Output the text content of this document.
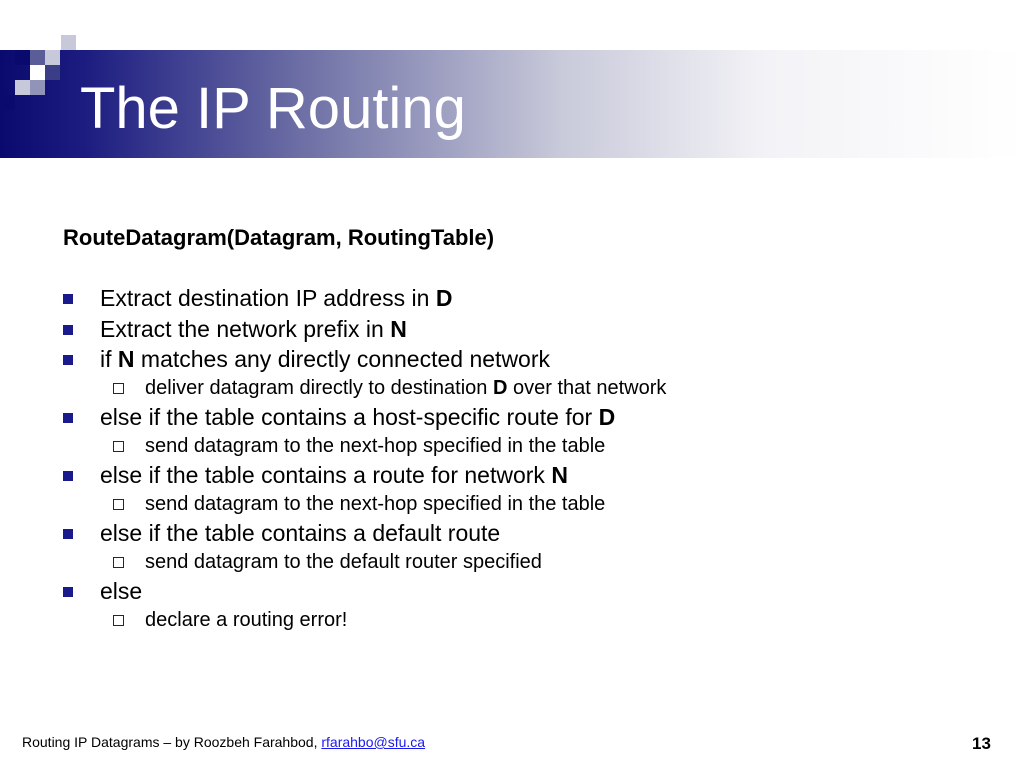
The IP Routing
RouteDatagram(Datagram, RoutingTable)
Extract destination IP address in D
Extract the network prefix in N
if N matches any directly connected network
deliver datagram directly to destination D over that network
else if the table contains a host-specific route for D
send datagram to the next-hop specified in the table
else if the table contains a route for network N
send datagram to the next-hop specified in the table
else if the table contains a default route
send datagram to the default router specified
else
declare a routing error!
Routing IP Datagrams – by Roozbeh Farahbod, rfarahbo@sfu.ca	13
